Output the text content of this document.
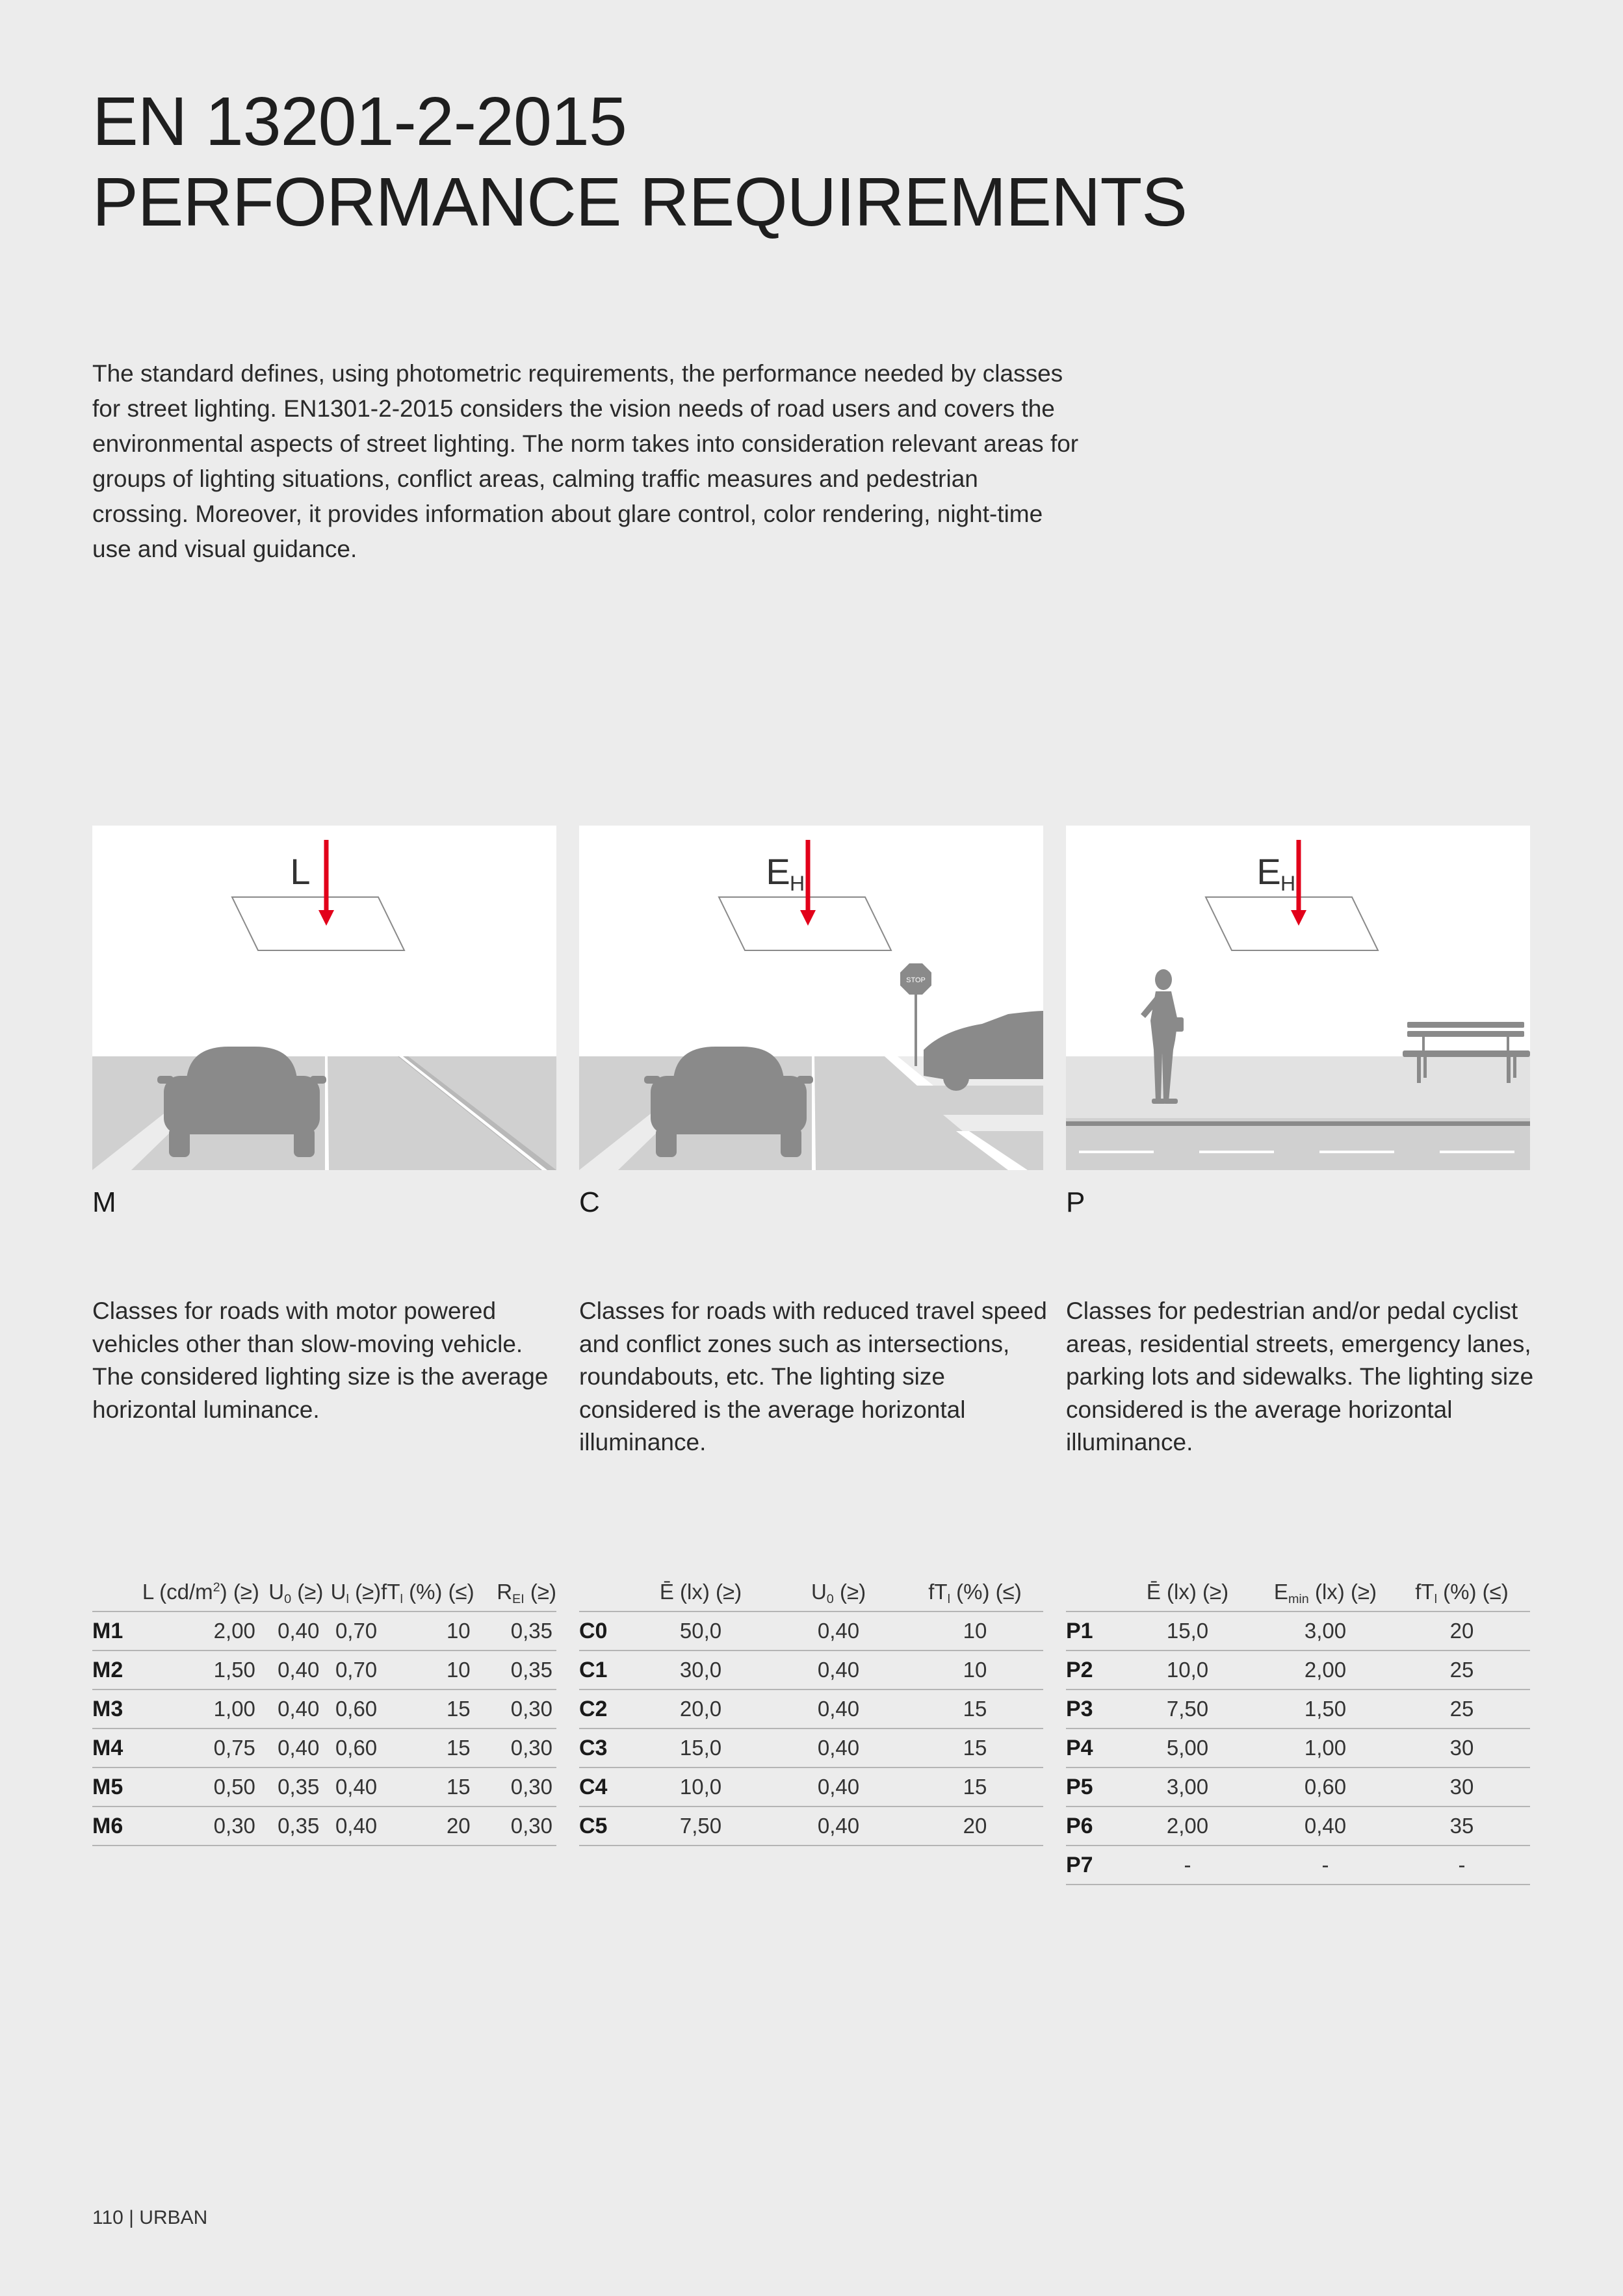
EN 13201-2-2015
PERFORMANCE REQUIREMENTS
The standard defines, using photometric requirements, the performance needed by classes for street lighting. EN1301-2-2015 considers the vision needs of road users and covers the environmental aspects of street lighting. The norm takes into consideration relevant areas for groups of lighting situations, conflict areas, calming traffic measures and pedestrian crossing. Moreover, it provides information about glare control, color rendering, night-time use and visual guidance.
L	E H
STOP
E H
M	C	P
Classes for roads with motor powered vehicles other than slow-moving vehicle. The considered lighting size is the average horizontal luminance.
Classes for roads with reduced travel speed and conflict zones such as intersections, roundabouts, etc. The lighting size considered is the average horizontal illuminance.
Classes for pedestrian and/or pedal cyclist areas, residential streets, emergency lanes, parking lots and sidewalks. The lighting size considered is the average horizontal illuminance.
	L $(cd/m^2)$ (≥)	$U_0$ (≥)	$U_l$ (≥)	$fT_l$ (%) (≤)	$R_{EI}$ (≥)
M1	2,00	0,40	0,70	10	0,35
M2	1,50	0,40	0,70	10	0,35
M3	1,00	0,40	0,60	15	0,30
M4	0,75	0,40	0,60	15	0,30
M5	0,50	0,35	0,40	15	0,30
M6	0,30	0,35	0,40	20	0,30
	Ē (lx) (≥)	$U_0$ (≥)	$fT_l$ (%) (≤)
C0	50,0	0,40	10
C1	30,0	0,40	10
C2	20,0	0,40	15
C3	15,0	0,40	15
C4	10,0	0,40	15
C5	7,50	0,40	20
	Ē (lx) (≥)	$E_{min}$ (lx) (≥)	$fT_l$ (%) (≤)
P1	15,0	3,00	20
P2	10,0	2,00	25
P3	7,50	1,50	25
P4	5,00	1,00	30
P5	3,00	0,60	30
P6	2,00	0,40	35
P7	-	-	-
110 | URBAN
